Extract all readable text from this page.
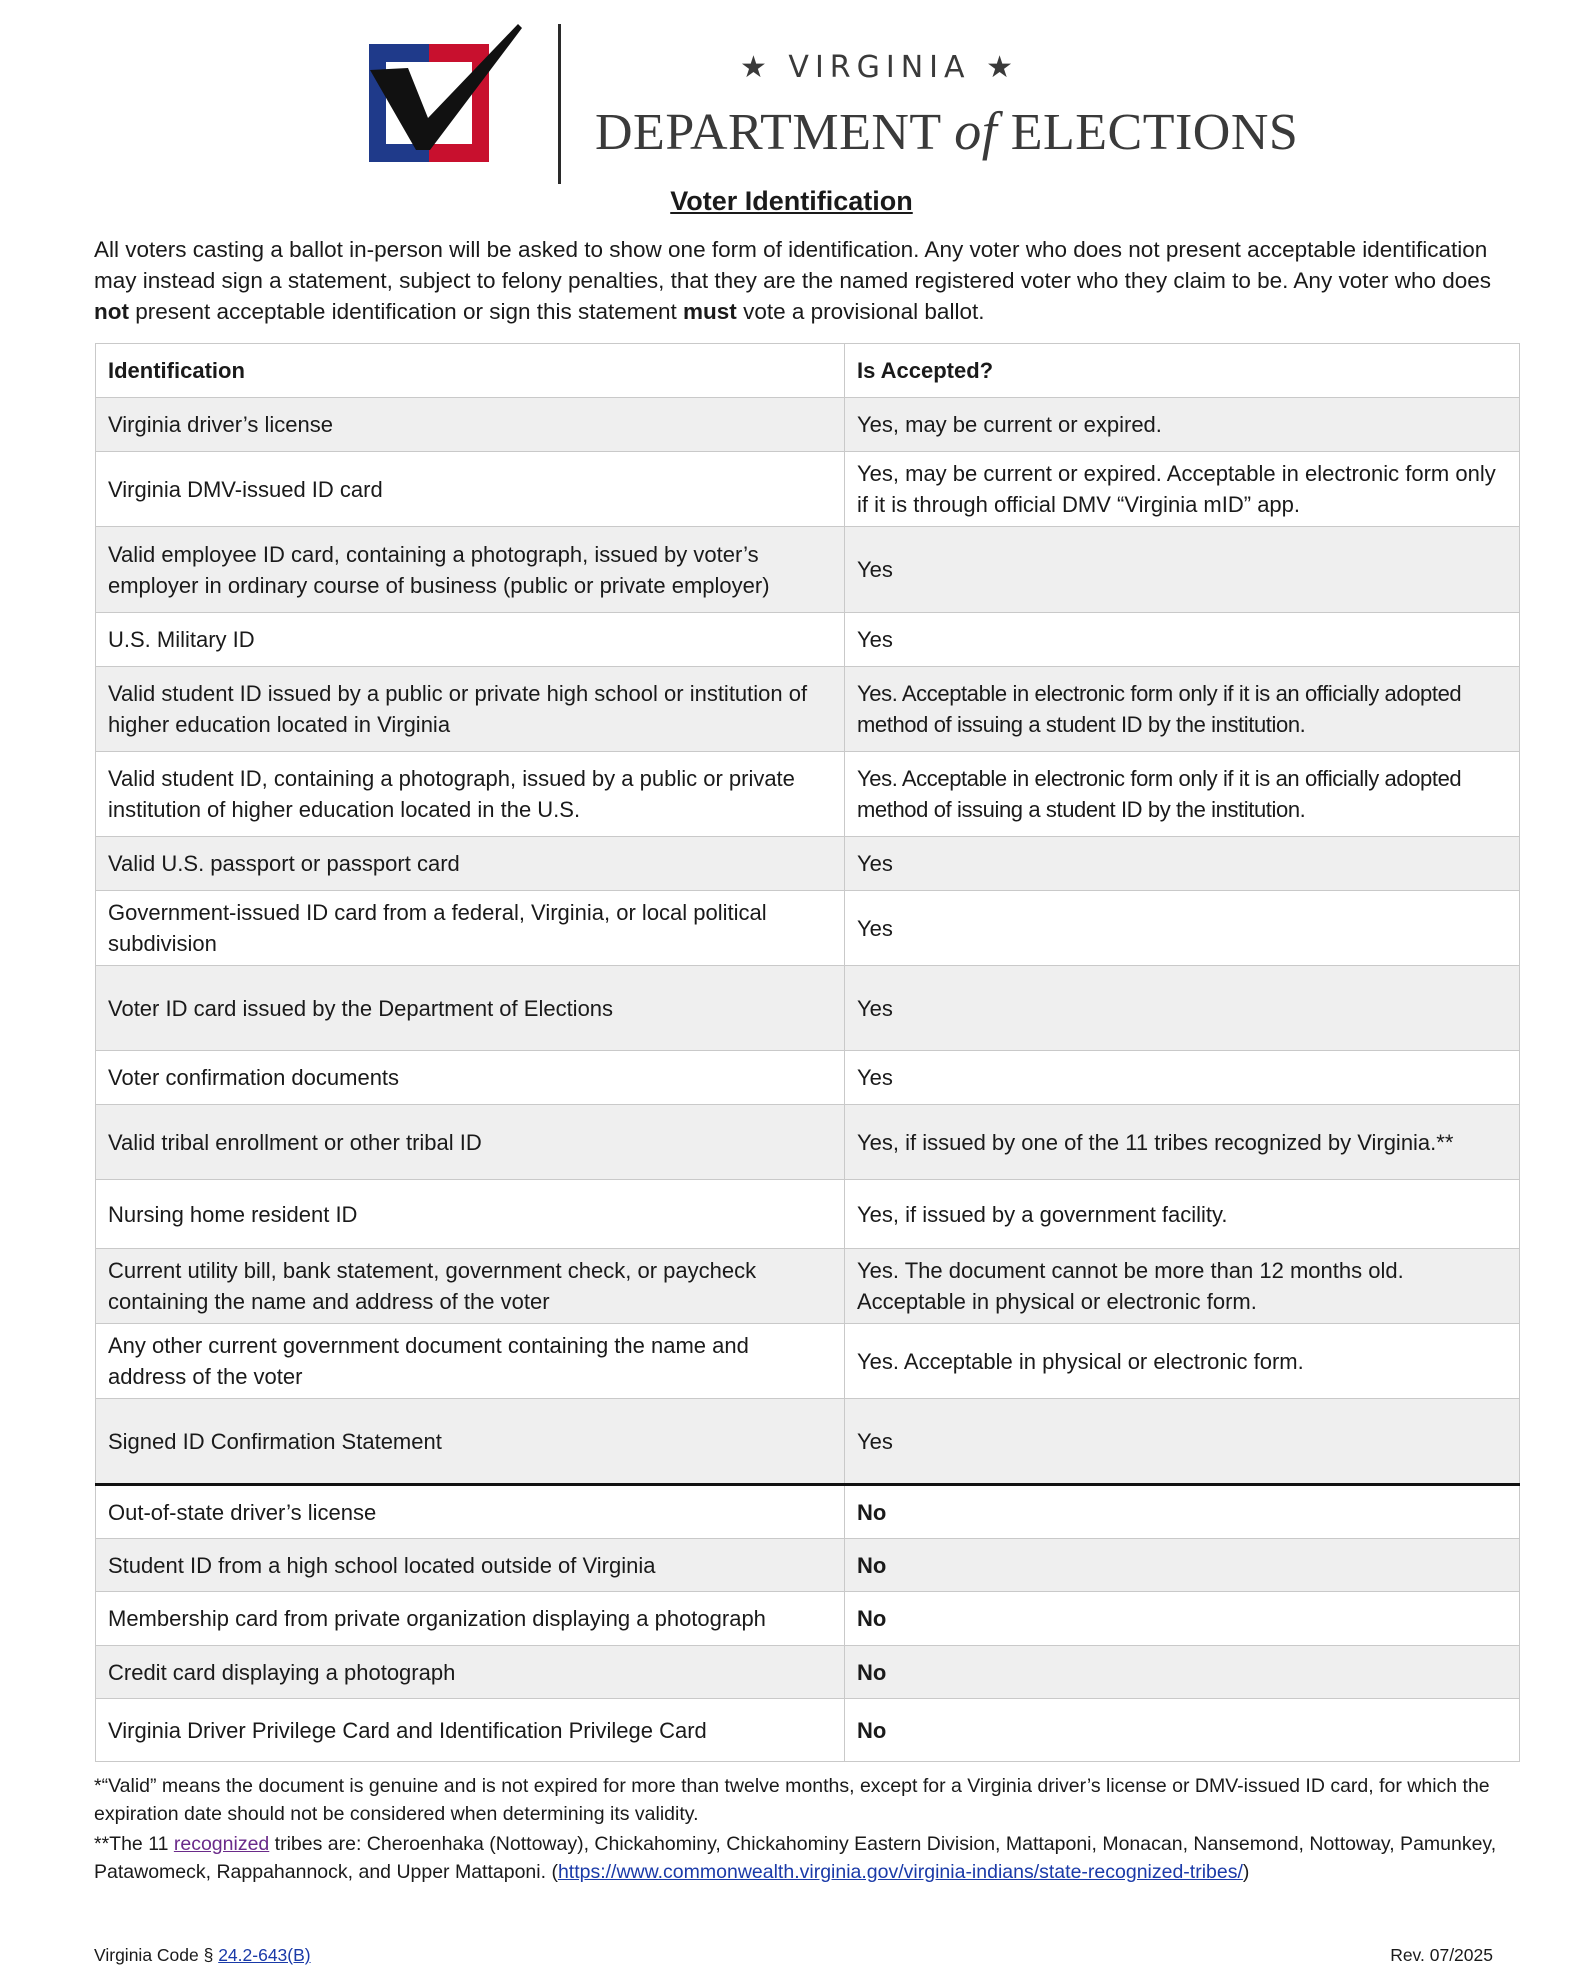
★ VIRGINIA ★
DEPARTMENT of ELECTIONS
Voter Identification
All voters casting a ballot in-person will be asked to show one form of identification. Any voter who does not present acceptable identification may instead sign a statement, subject to felony penalties, that they are the named registered voter who they claim to be. Any voter who does not present acceptable identification or sign this statement must vote a provisional ballot.
Identification	Is Accepted?
Virginia driver’s license	Yes, may be current or expired.
Virginia DMV-issued ID card	Yes, may be current or expired. Acceptable in electronic form only if it is through official DMV “Virginia mID” app.
Valid employee ID card, containing a photograph, issued by voter’s employer in ordinary course of business (public or private employer)	Yes
U.S. Military ID	Yes
Valid student ID issued by a public or private high school or institution of higher education located in Virginia	Yes. Acceptable in electronic form only if it is an officially adopted method of issuing a student ID by the institution.
Valid student ID, containing a photograph, issued by a public or private institution of higher education located in the U.S.	Yes. Acceptable in electronic form only if it is an officially adopted method of issuing a student ID by the institution.
Valid U.S. passport or passport card	Yes
Government-issued ID card from a federal, Virginia, or local political subdivision	Yes
Voter ID card issued by the Department of Elections	Yes
Voter confirmation documents	Yes
Valid tribal enrollment or other tribal ID	Yes, if issued by one of the 11 tribes recognized by Virginia.**
Nursing home resident ID	Yes, if issued by a government facility.
Current utility bill, bank statement, government check, or paycheck containing the name and address of the voter	Yes. The document cannot be more than 12 months old. Acceptable in physical or electronic form.
Any other current government document containing the name and address of the voter	Yes. Acceptable in physical or electronic form.
Signed ID Confirmation Statement	Yes
Out-of-state driver’s license	No
Student ID from a high school located outside of Virginia	No
Membership card from private organization displaying a photograph	No
Credit card displaying a photograph	No
Virginia Driver Privilege Card and Identification Privilege Card	No
*“Valid” means the document is genuine and is not expired for more than twelve months, except for a Virginia driver’s license or DMV-issued ID card, for which the expiration date should not be considered when determining its validity.
**The 11 recognized tribes are: Cheroenhaka (Nottoway), Chickahominy, Chickahominy Eastern Division, Mattaponi, Monacan, Nansemond, Nottoway, Pamunkey, Patawomeck, Rappahannock, and Upper Mattaponi. (https://www.commonwealth.virginia.gov/virginia-indians/state-recognized-tribes/)
Virginia Code § 24.2-643(B)	Rev. 07/2025
